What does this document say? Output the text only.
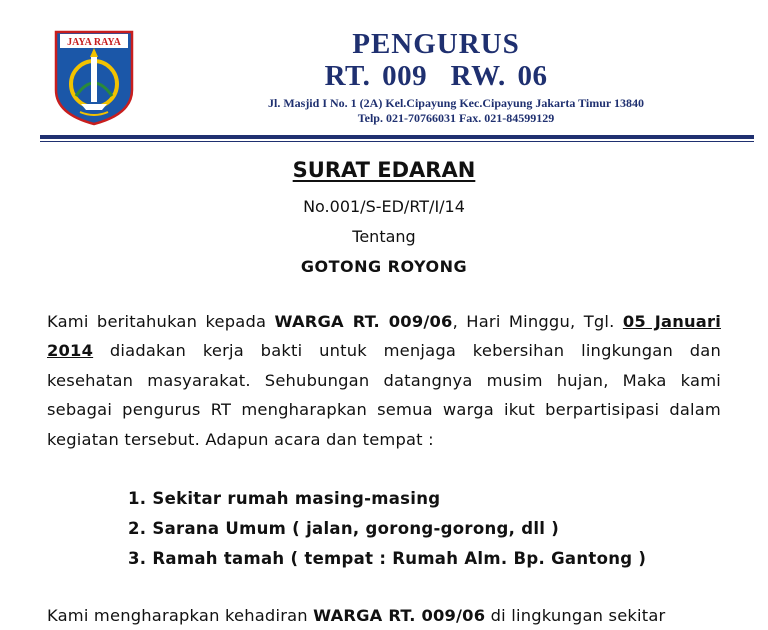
JAYA RAYA	PENGURUS
RT. 009  RW. 06
Jl. Masjid I No. 1 (2A) Kel.Cipayung Kec.Cipayung Jakarta Timur 13840
Telp. 021-70766031 Fax. 021-84599129

SURAT EDARAN

No.001/S-ED/RT/I/14

Tentang

GOTONG ROYONG

Kami beritahukan kepada WARGA RT. 009/06, Hari Minggu, Tgl. 05 Januari 2014 diadakan kerja bakti untuk menjaga kebersihan lingkungan dan kesehatan masyarakat. Sehubungan datangnya musim hujan, Maka kami sebagai pengurus RT mengharapkan semua warga ikut berpartisipasi dalam kegiatan tersebut. Adapun acara dan tempat :

1. Sekitar rumah masing-masing
2. Sarana Umum ( jalan, gorong-gorong, dll )
3. Ramah tamah ( tempat : Rumah Alm. Bp. Gantong )

Kami mengharapkan kehadiran WARGA RT. 009/06 di lingkungan sekitar
